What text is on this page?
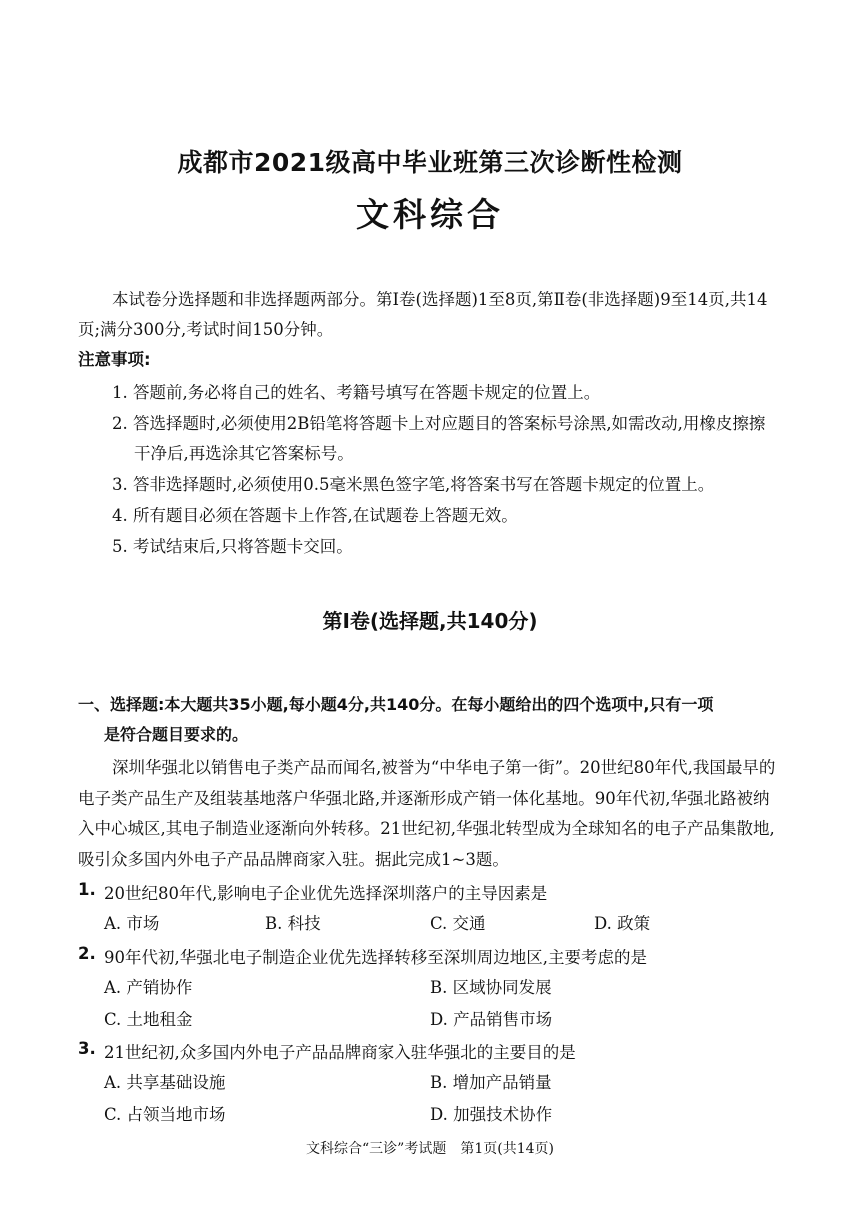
成都市2021级高中毕业班第三次诊断性检测
文科综合
本试卷分选择题和非选择题两部分。第Ⅰ卷(选择题)1至8页,第Ⅱ卷(非选择题)9至14页,共14页;满分300分,考试时间150分钟。
注意事项:
1. 答题前,务必将自己的姓名、考籍号填写在答题卡规定的位置上。
2. 答选择题时,必须使用2B铅笔将答题卡上对应题目的答案标号涂黑,如需改动,用橡皮擦擦干净后,再选涂其它答案标号。
3. 答非选择题时,必须使用0.5毫米黑色签字笔,将答案书写在答题卡规定的位置上。
4. 所有题目必须在答题卡上作答,在试题卷上答题无效。
5. 考试结束后,只将答题卡交回。
第Ⅰ卷(选择题,共140分)
一、选择题:本大题共35小题,每小题4分,共140分。在每小题给出的四个选项中,只有一项
是符合题目要求的。
深圳华强北以销售电子类产品而闻名,被誉为“中华电子第一街”。20世纪80年代,我国最早的电子类产品生产及组装基地落户华强北路,并逐渐形成产销一体化基地。90年代初,华强北路被纳入中心城区,其电子制造业逐渐向外转移。21世纪初,华强北转型成为全球知名的电子产品集散地,吸引众多国内外电子产品品牌商家入驻。据此完成1~3题。
1. 20世纪80年代,影响电子企业优先选择深圳落户的主导因素是
A. 市场	B. 科技	C. 交通	D. 政策
2. 90年代初,华强北电子制造企业优先选择转移至深圳周边地区,主要考虑的是
A. 产销协作	B. 区域协同发展
C. 土地租金	D. 产品销售市场
3. 21世纪初,众多国内外电子产品品牌商家入驻华强北的主要目的是
A. 共享基础设施	B. 增加产品销量
C. 占领当地市场	D. 加强技术协作
文科综合“三诊”考试题　第1页(共14页)
